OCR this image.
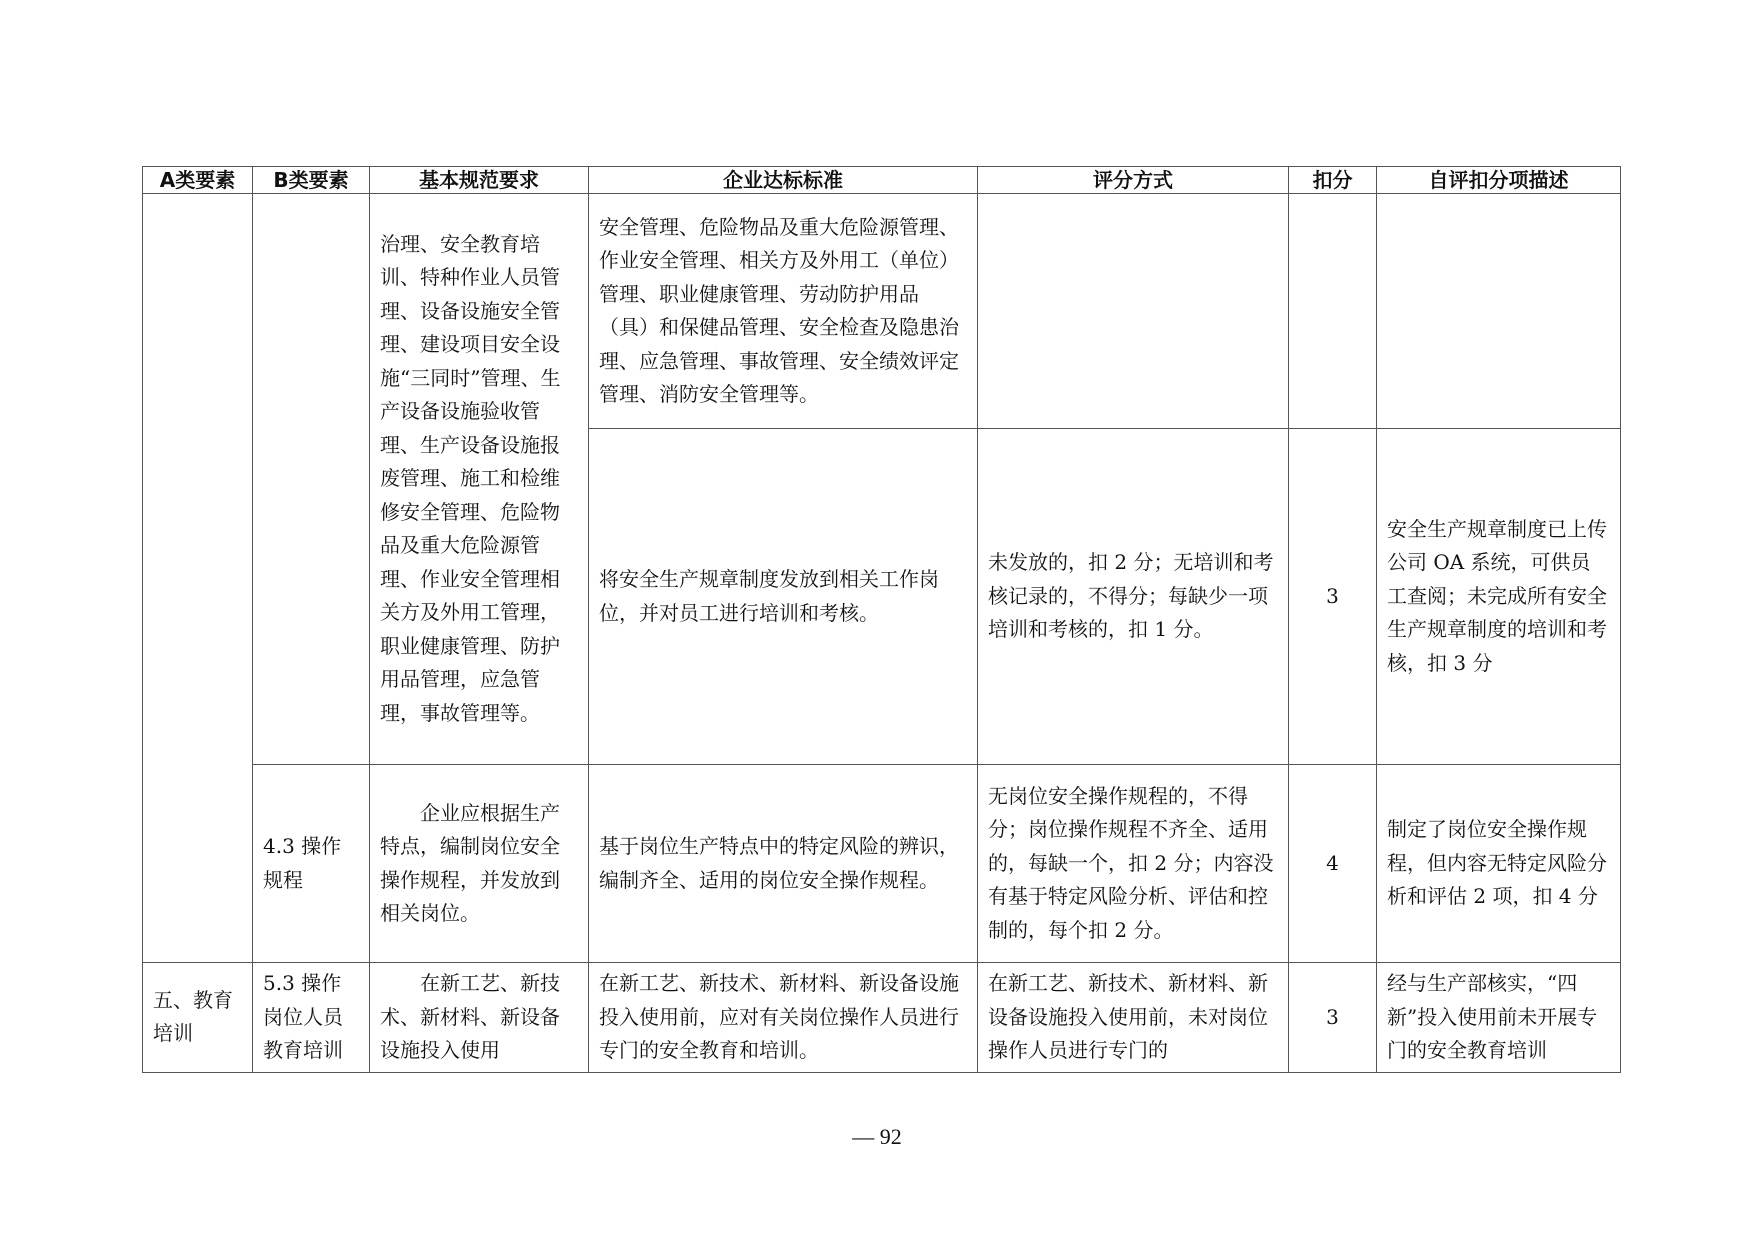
A类要素	B类要素	基本规范要求	企业达标标准	评分方式	扣分	自评扣分项描述
		治理、安全教育培训、特种作业人员管理、设备设施安全管理、建设项目安全设施“三同时”管理、生产设备设施验收管理、生产设备设施报废管理、施工和检维修安全管理、危险物品及重大危险源管理、作业安全管理相关方及外用工管理，职业健康管理、防护用品管理，应急管理，事故管理等。	安全管理、危险物品及重大危险源管理、作业安全管理、相关方及外用工（单位）管理、职业健康管理、劳动防护用品（具）和保健品管理、安全检查及隐患治理、应急管理、事故管理、安全绩效评定管理、消防安全管理等。			
			将安全生产规章制度发放到相关工作岗位，并对员工进行培训和考核。	未发放的，扣 2 分；无培训和考核记录的，不得分；每缺少一项培训和考核的，扣 1 分。	3	安全生产规章制度已上传公司 OA 系统，可供员工查阅；未完成所有安全生产规章制度的培训和考核，扣 3 分
	4.3 操作规程	企业应根据生产特点，编制岗位安全操作规程，并发放到相关岗位。	基于岗位生产特点中的特定风险的辨识，编制齐全、适用的岗位安全操作规程。	无岗位安全操作规程的，不得分；岗位操作规程不齐全、适用的，每缺一个，扣 2 分；内容没有基于特定风险分析、评估和控制的，每个扣 2 分。	4	制定了岗位安全操作规程，但内容无特定风险分析和评估 2 项，扣 4 分
五、教育培训	5.3 操作岗位人员教育培训	在新工艺、新技术、新材料、新设备设施投入使用	在新工艺、新技术、新材料、新设备设施投入使用前，应对有关岗位操作人员进行专门的安全教育和培训。	在新工艺、新技术、新材料、新设备设施投入使用前，未对岗位操作人员进行专门的	3	经与生产部核实，“四新”投入使用前未开展专门的安全教育培训
— 92
